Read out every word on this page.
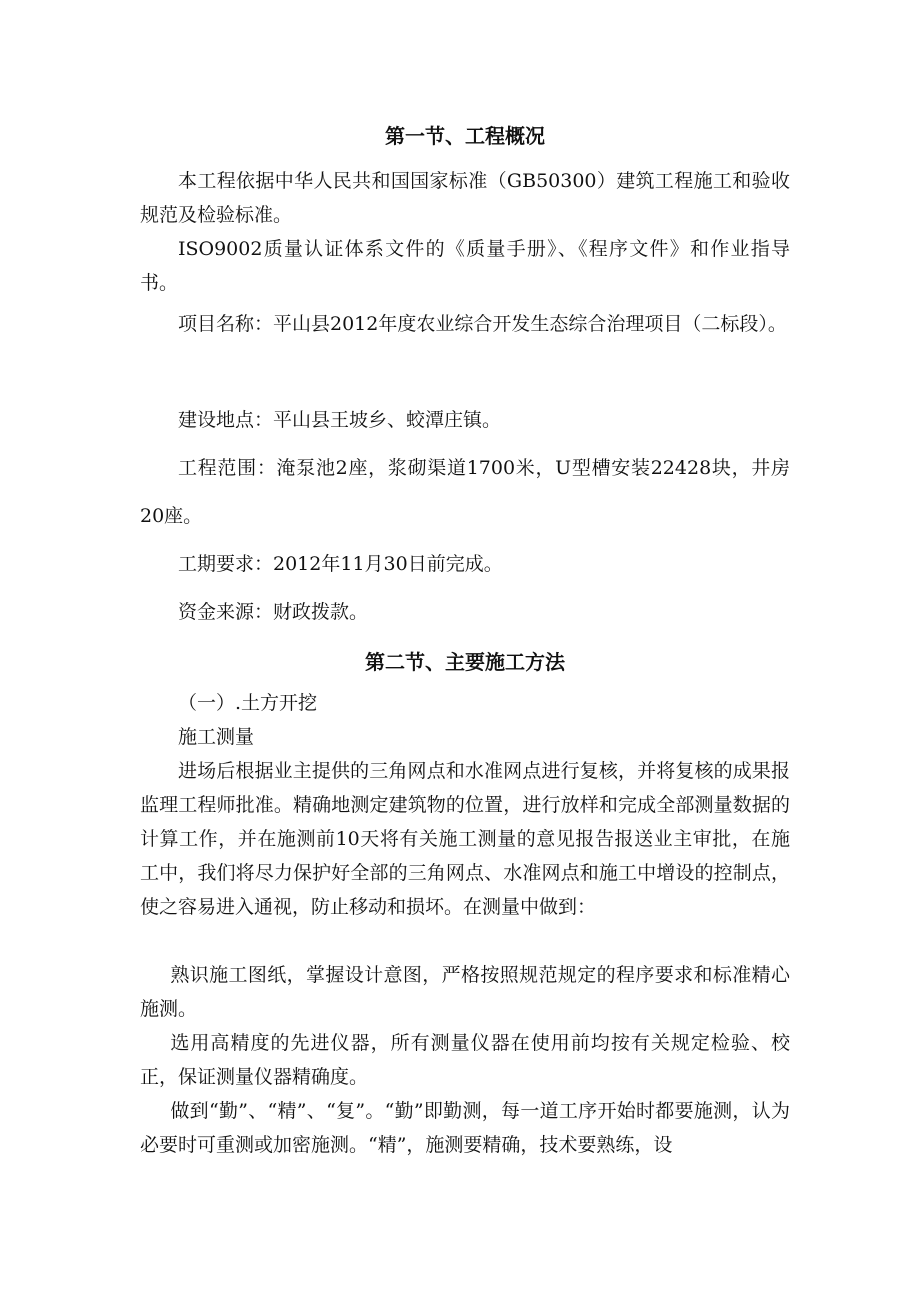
第一节、工程概况

本工程依据中华人民共和国国家标准（GB50300）建筑工程施工和验收规范及检验标准。

ISO9002质量认证体系文件的《质量手册》、《程序文件》和作业指导书。

项目名称：平山县2012年度农业综合开发生态综合治理项目（二标段）。

建设地点：平山县王坡乡、蛟潭庄镇。

工程范围：淹泵池2座，浆砌渠道1700米，U型槽安装22428块，井房20座。

工期要求：2012年11月30日前完成。

资金来源：财政拨款。

第二节、主要施工方法

（一）.土方开挖

施工测量

进场后根据业主提供的三角网点和水准网点进行复核，并将复核的成果报监理工程师批准。精确地测定建筑物的位置，进行放样和完成全部测量数据的计算工作，并在施测前10天将有关施工测量的意见报告报送业主审批，在施工中，我们将尽力保护好全部的三角网点、水准网点和施工中增设的控制点，使之容易进入通视，防止移动和损坏。在测量中做到：

熟识施工图纸，掌握设计意图，严格按照规范规定的程序要求和标准精心施测。

选用高精度的先进仪器，所有测量仪器在使用前均按有关规定检验、校正，保证测量仪器精确度。

做到“勤”、“精”、“复”。“勤”即勤测，每一道工序开始时都要施测，认为必要时可重测或加密施测。“精”，施测要精确，技术要熟练，设
